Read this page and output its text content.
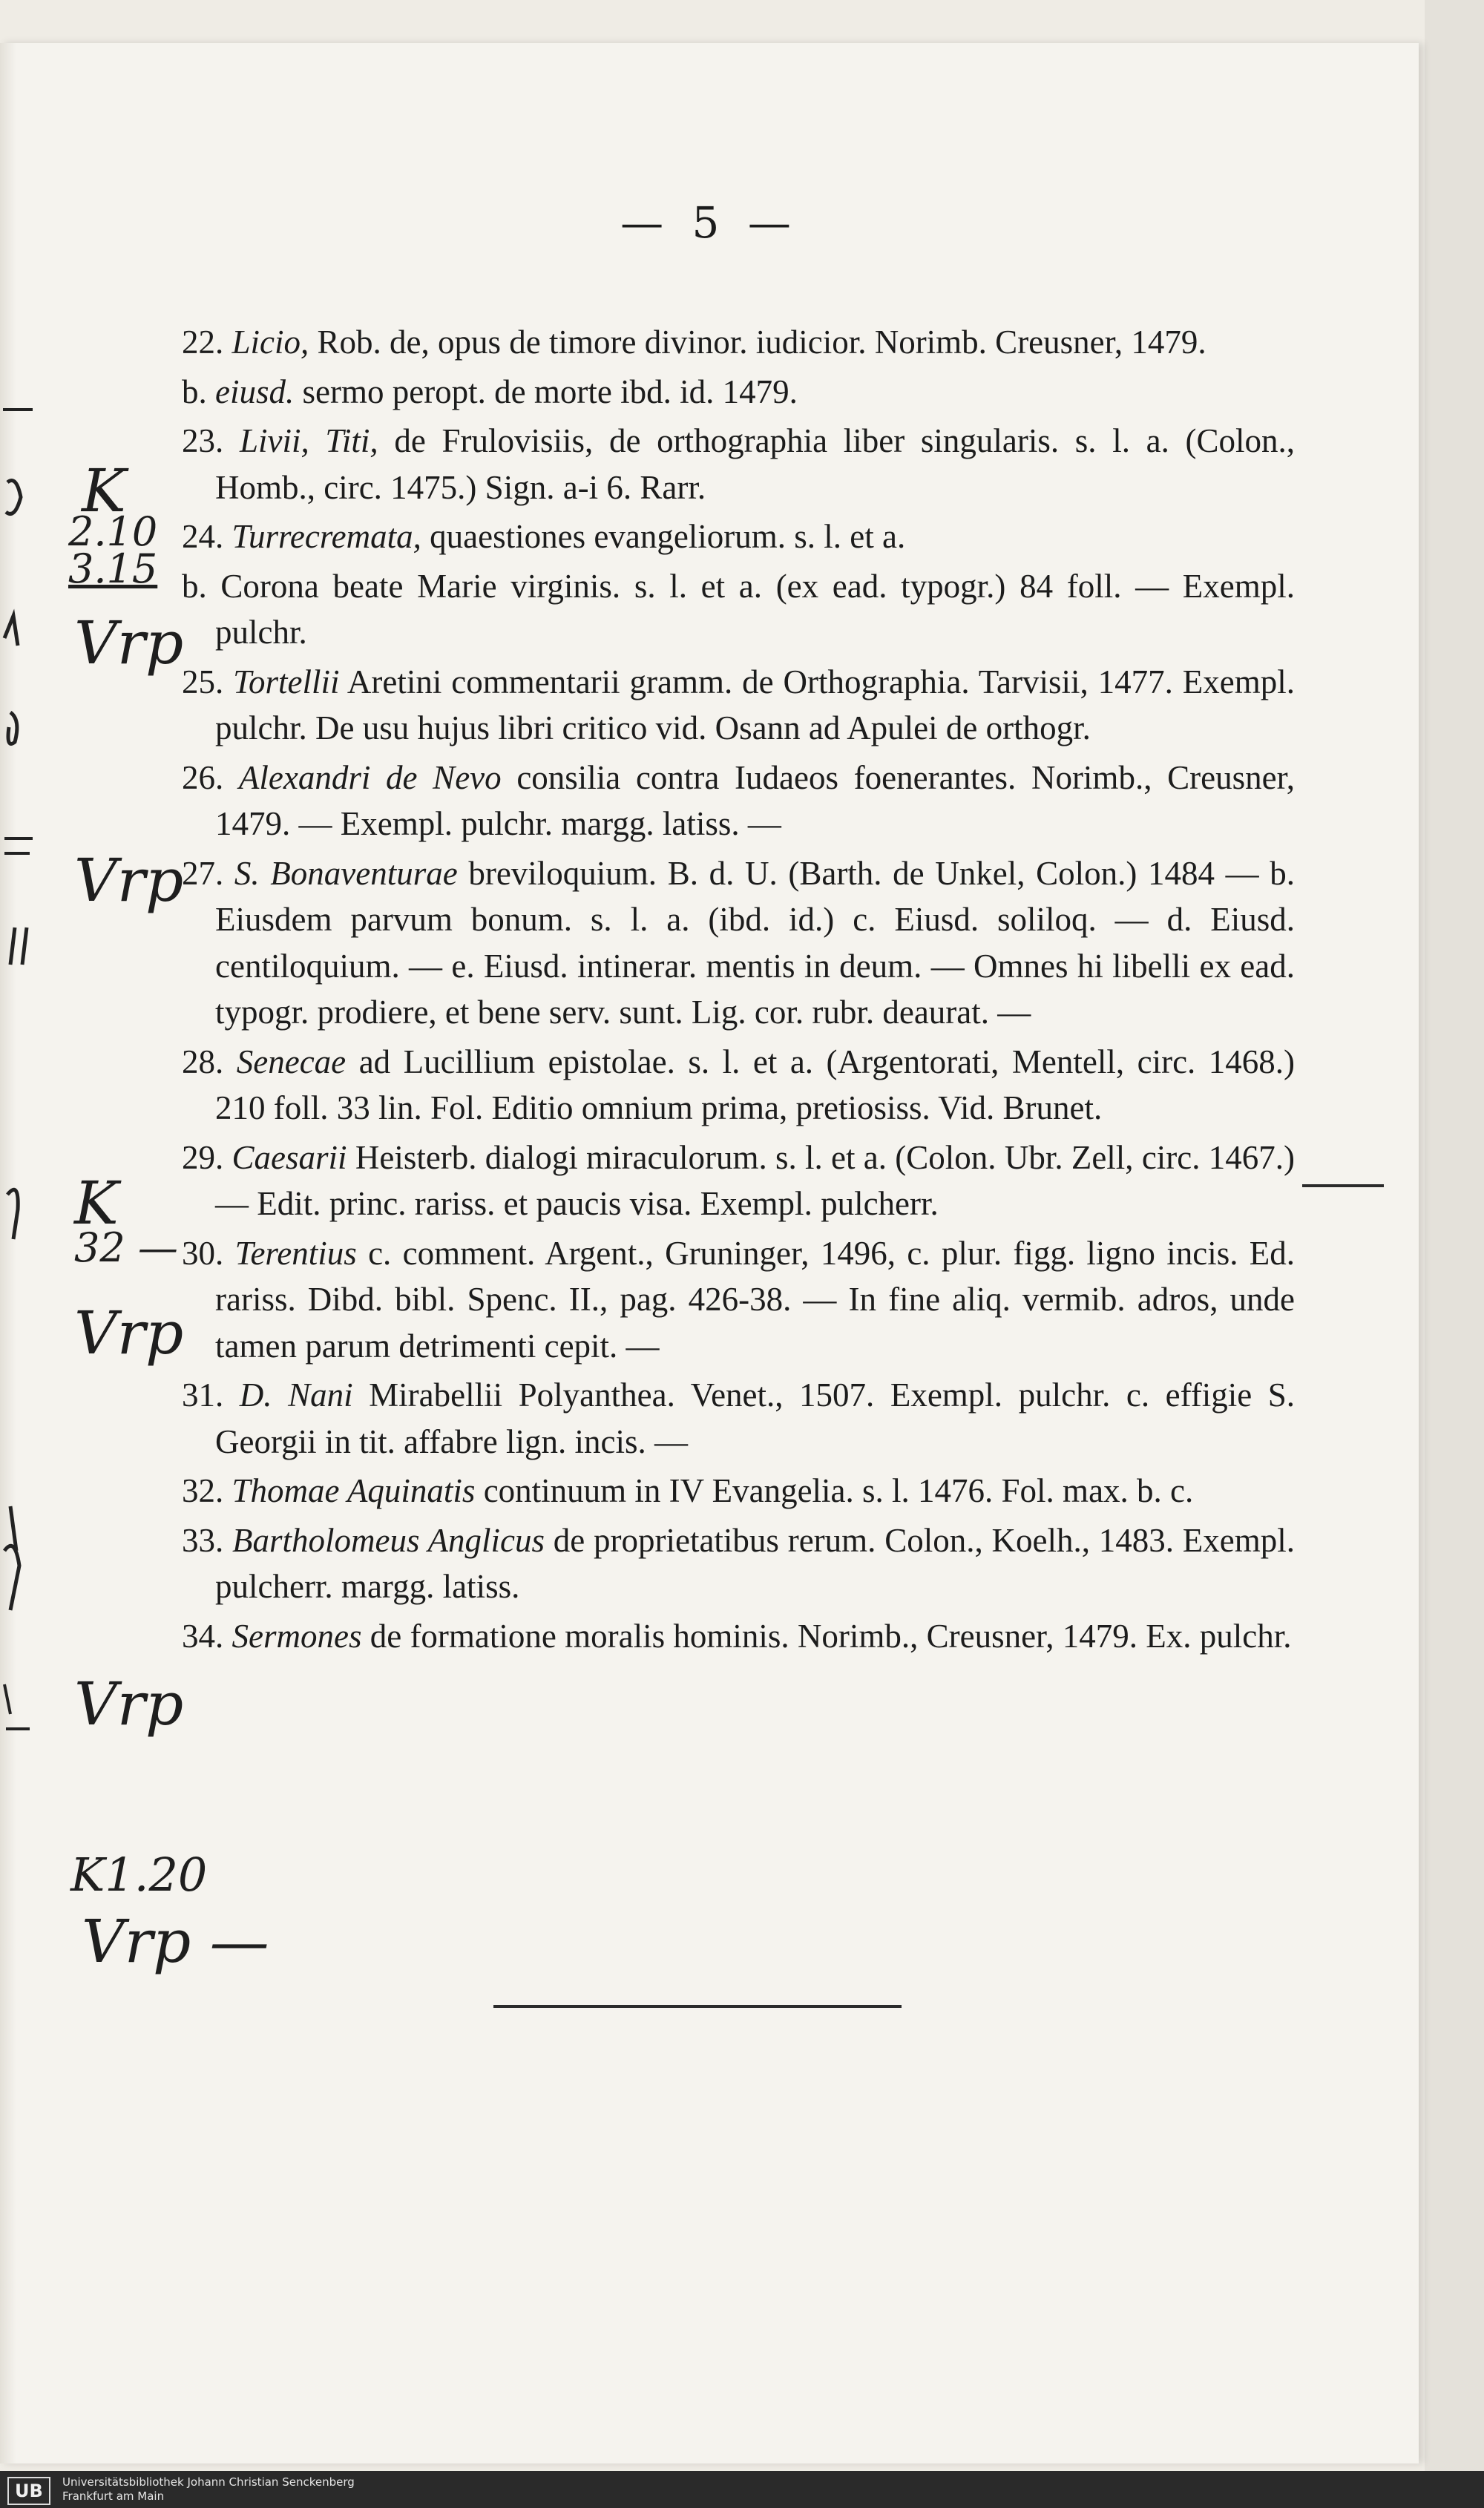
— 5 —

22. Licio, Rob. de, opus de timore divinor. iudicior. Norimb. Creusner, 1479.

b. eiusd. sermo peropt. de morte ibd. id. 1479.

23. Livii, Titi, de Frulovisiis, de orthographia liber singularis. s. l. a. (Colon., Homb., circ. 1475.) Sign. a-i 6. Rarr.

24. Turrecremata, quaestiones evangeliorum. s. l. et a.

b. Corona beate Marie virginis. s. l. et a. (ex ead. typogr.) 84 foll. — Exempl. pulchr.

25. Tortellii Aretini commentarii gramm. de Orthographia. Tarvisii, 1477. Exempl. pulchr. De usu hujus libri critico vid. Osann ad Apulei de orthogr.

26. Alexandri de Nevo consilia contra Iudaeos foenerantes. Norimb., Creusner, 1479. — Exempl. pulchr. margg. latiss. —

27. S. Bonaventurae breviloquium. B. d. U. (Barth. de Unkel, Colon.) 1484 — b. Eiusdem parvum bonum. s. l. a. (ibd. id.) c. Eiusd. soliloq. — d. Eiusd. centiloquium. — e. Eiusd. intinerar. mentis in deum. — Omnes hi libelli ex ead. typogr. prodiere, et bene serv. sunt. Lig. cor. rubr. deaurat. —

28. Senecae ad Lucillium epistolae. s. l. et a. (Argentorati, Mentell, circ. 1468.) 210 foll. 33 lin. Fol. Editio omnium prima, pretiosiss. Vid. Brunet.

29. Caesarii Heisterb. dialogi miraculorum. s. l. et a. (Colon. Ubr. Zell, circ. 1467.) — Edit. princ. rariss. et paucis visa. Exempl. pulcherr.

30. Terentius c. comment. Argent., Gruninger, 1496, c. plur. figg. ligno incis. Ed. rariss. Dibd. bibl. Spenc. II., pag. 426-38. — In fine aliq. vermib. adros, unde tamen parum detrimenti cepit. —

31. D. Nani Mirabellii Polyanthea. Venet., 1507. Exempl. pulchr. c. effigie S. Georgii in tit. affabre lign. incis. —

32. Thomae Aquinatis continuum in IV Evangelia. s. l. 1476. Fol. max. b. c.

33. Bartholomeus Anglicus de proprietatibus rerum. Colon., Koelh., 1483. Exempl. pulcherr. margg. latiss.

34. Sermones de formatione moralis hominis. Norimb., Creusner, 1479. Ex. pulchr.

K
2.10
3.15
Vrp
Vrp
K
32 —
Vrp
Vrp
K1.20
Vrp —
UB	Universitätsbibliothek Johann Christian Senckenberg
Frankfurt am Main
